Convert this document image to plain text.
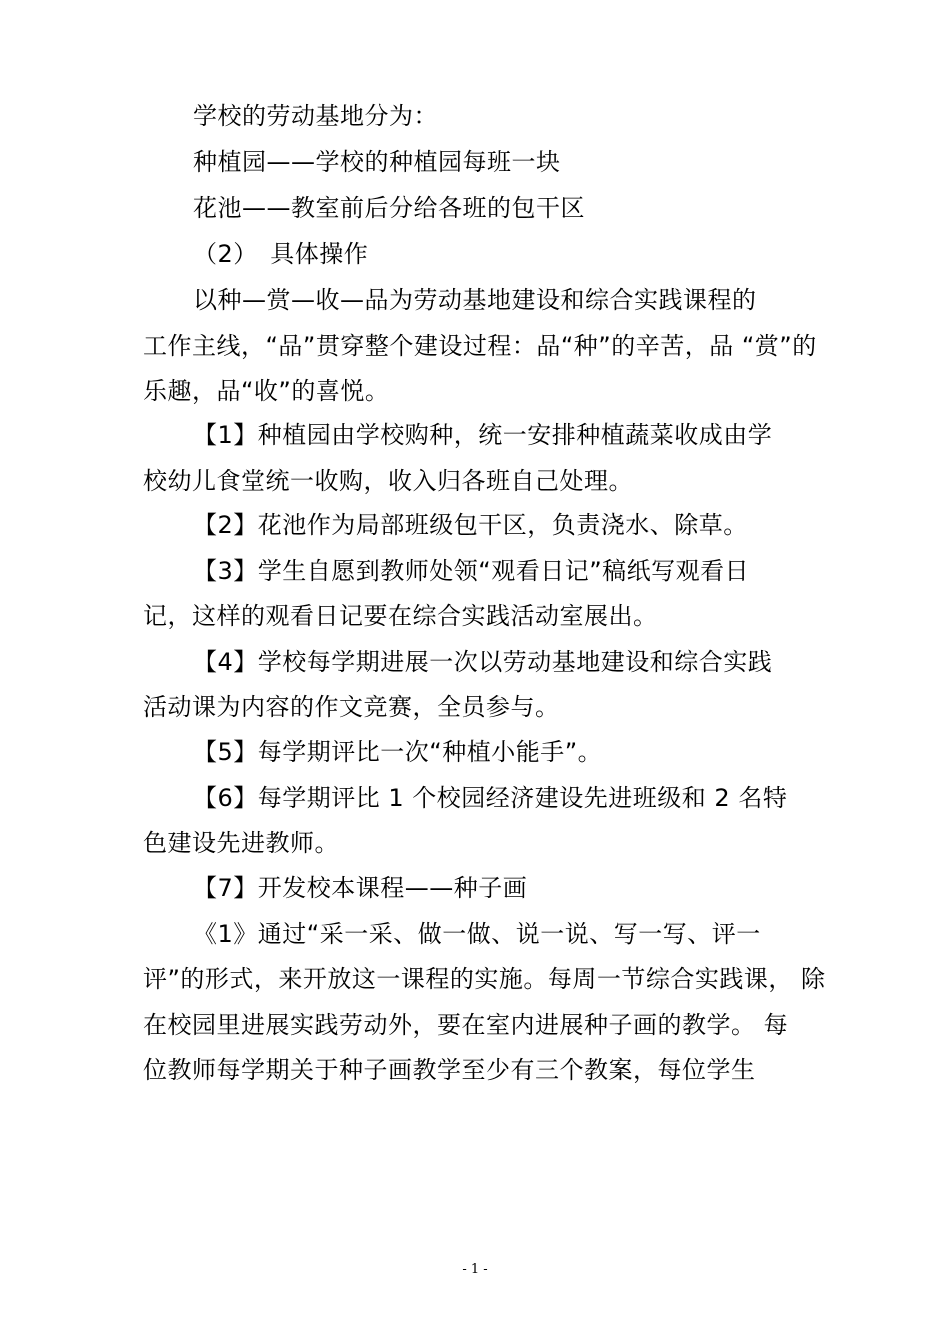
学校的劳动基地分为：
种植园——学校的种植园每班一块
花池——教室前后分给各班的包干区
（2）　具体操作
以种—赏—收—品为劳动基地建设和综合实践课程的
工作主线，“品”贯穿整个建设过程：品“种”的辛苦，品 “赏”的
乐趣，品“收”的喜悦。
【1】种植园由学校购种，统一安排种植蔬菜收成由学
校幼儿食堂统一收购，收入归各班自己处理。
【2】花池作为局部班级包干区，负责浇水、除草。
【3】学生自愿到教师处领“观看日记”稿纸写观看日
记，这样的观看日记要在综合实践活动室展出。
【4】学校每学期进展一次以劳动基地建设和综合实践
活动课为内容的作文竞赛，全员参与。
【5】每学期评比一次“种植小能手”。
【6】每学期评比 1 个校园经济建设先进班级和 2 名特
色建设先进教师。
【7】开发校本课程——种子画
《1》通过“采一采、做一做、说一说、写一写、评一
评”的形式，来开放这一课程的实施。每周一节综合实践课， 除
在校园里进展实践劳动外，要在室内进展种子画的教学。 每
位教师每学期关于种子画教学至少有三个教案，每位学生
- 1 -
